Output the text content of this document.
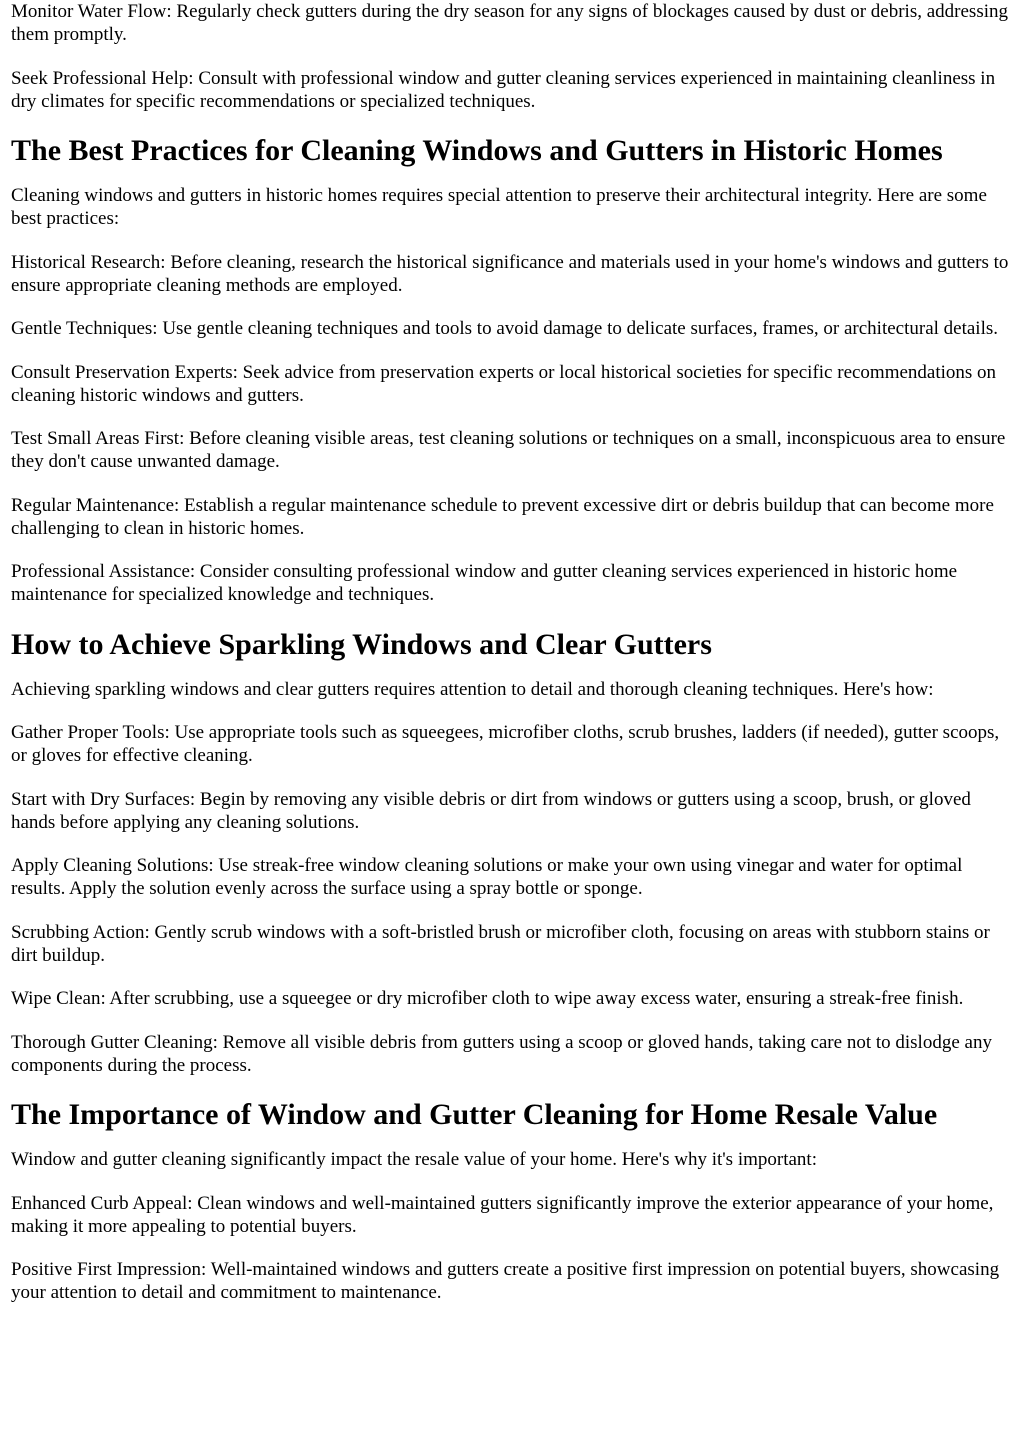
Monitor Water Flow: Regularly check gutters during the dry season for any signs of blockages caused by dust or debris, addressing them promptly.

Seek Professional Help: Consult with professional window and gutter cleaning services experienced in maintaining cleanliness in dry climates for specific recommendations or specialized techniques.

The Best Practices for Cleaning Windows and Gutters in Historic Homes

Cleaning windows and gutters in historic homes requires special attention to preserve their architectural integrity. Here are some best practices:

Historical Research: Before cleaning, research the historical significance and materials used in your home's windows and gutters to ensure appropriate cleaning methods are employed.

Gentle Techniques: Use gentle cleaning techniques and tools to avoid damage to delicate surfaces, frames, or architectural details.

Consult Preservation Experts: Seek advice from preservation experts or local historical societies for specific recommendations on cleaning historic windows and gutters.

Test Small Areas First: Before cleaning visible areas, test cleaning solutions or techniques on a small, inconspicuous area to ensure they don't cause unwanted damage.

Regular Maintenance: Establish a regular maintenance schedule to prevent excessive dirt or debris buildup that can become more challenging to clean in historic homes.

Professional Assistance: Consider consulting professional window and gutter cleaning services experienced in historic home maintenance for specialized knowledge and techniques.

How to Achieve Sparkling Windows and Clear Gutters

Achieving sparkling windows and clear gutters requires attention to detail and thorough cleaning techniques. Here's how:

Gather Proper Tools: Use appropriate tools such as squeegees, microfiber cloths, scrub brushes, ladders (if needed), gutter scoops, or gloves for effective cleaning.

Start with Dry Surfaces: Begin by removing any visible debris or dirt from windows or gutters using a scoop, brush, or gloved hands before applying any cleaning solutions.

Apply Cleaning Solutions: Use streak-free window cleaning solutions or make your own using vinegar and water for optimal results. Apply the solution evenly across the surface using a spray bottle or sponge.

Scrubbing Action: Gently scrub windows with a soft-bristled brush or microfiber cloth, focusing on areas with stubborn stains or dirt buildup.

Wipe Clean: After scrubbing, use a squeegee or dry microfiber cloth to wipe away excess water, ensuring a streak-free finish.

Thorough Gutter Cleaning: Remove all visible debris from gutters using a scoop or gloved hands, taking care not to dislodge any components during the process.

The Importance of Window and Gutter Cleaning for Home Resale Value

Window and gutter cleaning significantly impact the resale value of your home. Here's why it's important:

Enhanced Curb Appeal: Clean windows and well-maintained gutters significantly improve the exterior appearance of your home, making it more appealing to potential buyers.

Positive First Impression: Well-maintained windows and gutters create a positive first impression on potential buyers, showcasing your attention to detail and commitment to maintenance.
